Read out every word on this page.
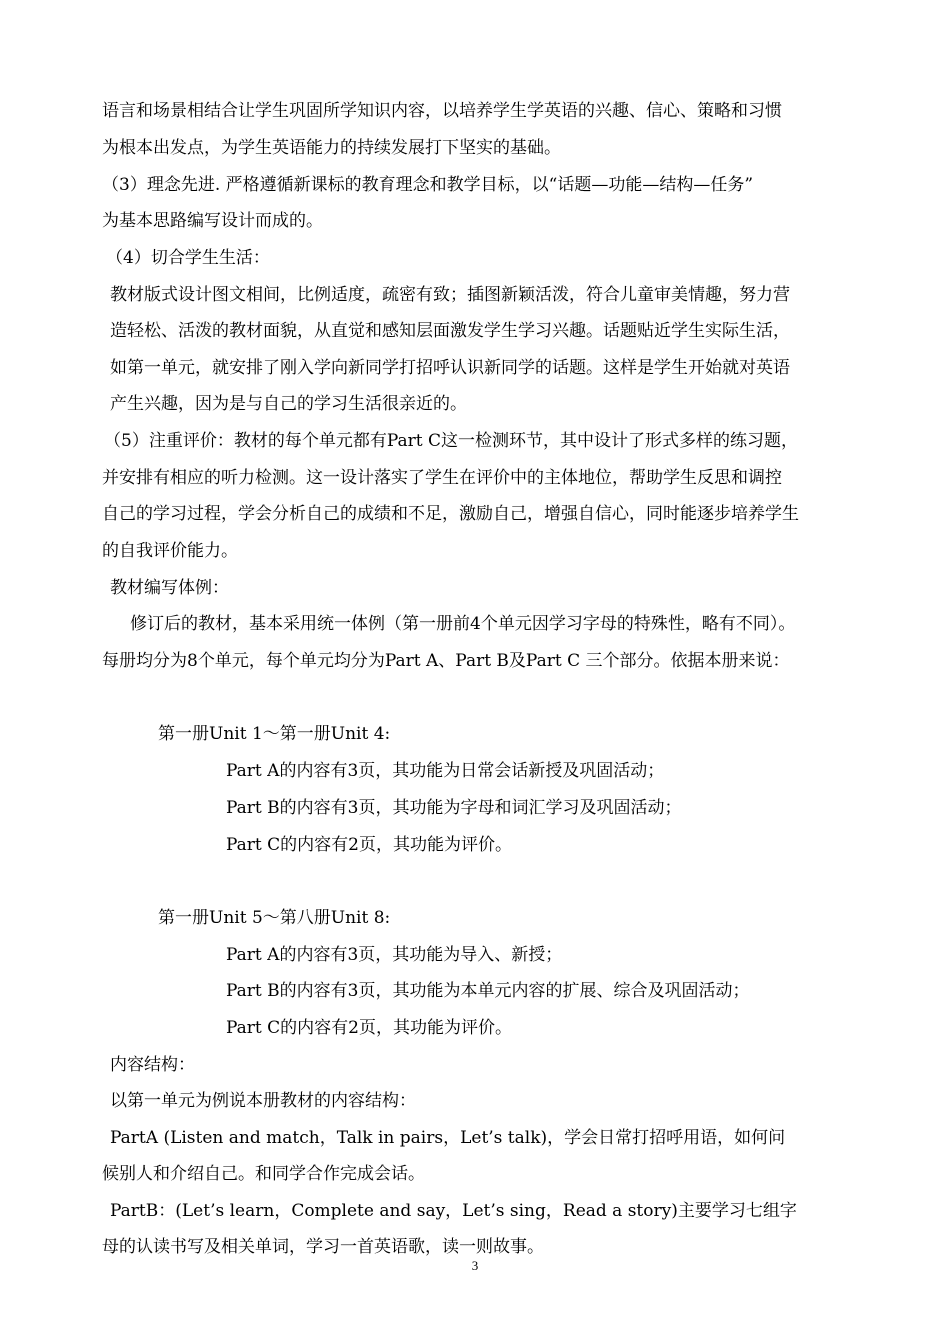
语言和场景相结合让学生巩固所学知识内容，以培养学生学英语的兴趣、信心、策略和习惯
为根本出发点，为学生英语能力的持续发展打下坚实的基础。
（3）理念先进. 严格遵循新课标的教育理念和教学目标，以“话题—功能—结构—任务”
为基本思路编写设计而成的。
（4）切合学生生活：
教材版式设计图文相间，比例适度，疏密有致；插图新颖活泼，符合儿童审美情趣，努力营
造轻松、活泼的教材面貌，从直觉和感知层面激发学生学习兴趣。话题贴近学生实际生活，
如第一单元，就安排了刚入学向新同学打招呼认识新同学的话题。这样是学生开始就对英语
产生兴趣，因为是与自己的学习生活很亲近的。
（5）注重评价：教材的每个单元都有Part C这一检测环节，其中设计了形式多样的练习题，
并安排有相应的听力检测。这一设计落实了学生在评价中的主体地位，帮助学生反思和调控
自己的学习过程，学会分析自己的成绩和不足，激励自己，增强自信心，同时能逐步培养学生
的自我评价能力。
教材编写体例：
修订后的教材，基本采用统一体例（第一册前4个单元因学习字母的特殊性，略有不同）。
每册均分为8个单元，每个单元均分为Part A、Part B及Part C 三个部分。依据本册来说：
第一册Unit 1～第一册Unit 4:
Part A的内容有3页，其功能为日常会话新授及巩固活动；
Part B的内容有3页，其功能为字母和词汇学习及巩固活动；
Part C的内容有2页，其功能为评价。
第一册Unit 5～第八册Unit 8:
Part A的内容有3页，其功能为导入、新授；
Part B的内容有3页，其功能为本单元内容的扩展、综合及巩固活动；
Part C的内容有2页，其功能为评价。
内容结构：
以第一单元为例说本册教材的内容结构：
PartA (Listen and match，Talk in pairs，Let’s talk)，学会日常打招呼用语，如何问
候别人和介绍自己。和同学合作完成会话。
PartB：(Let’s learn，Complete and say，Let’s sing，Read a story)主要学习七组字
母的认读书写及相关单词，学习一首英语歌，读一则故事。
3
